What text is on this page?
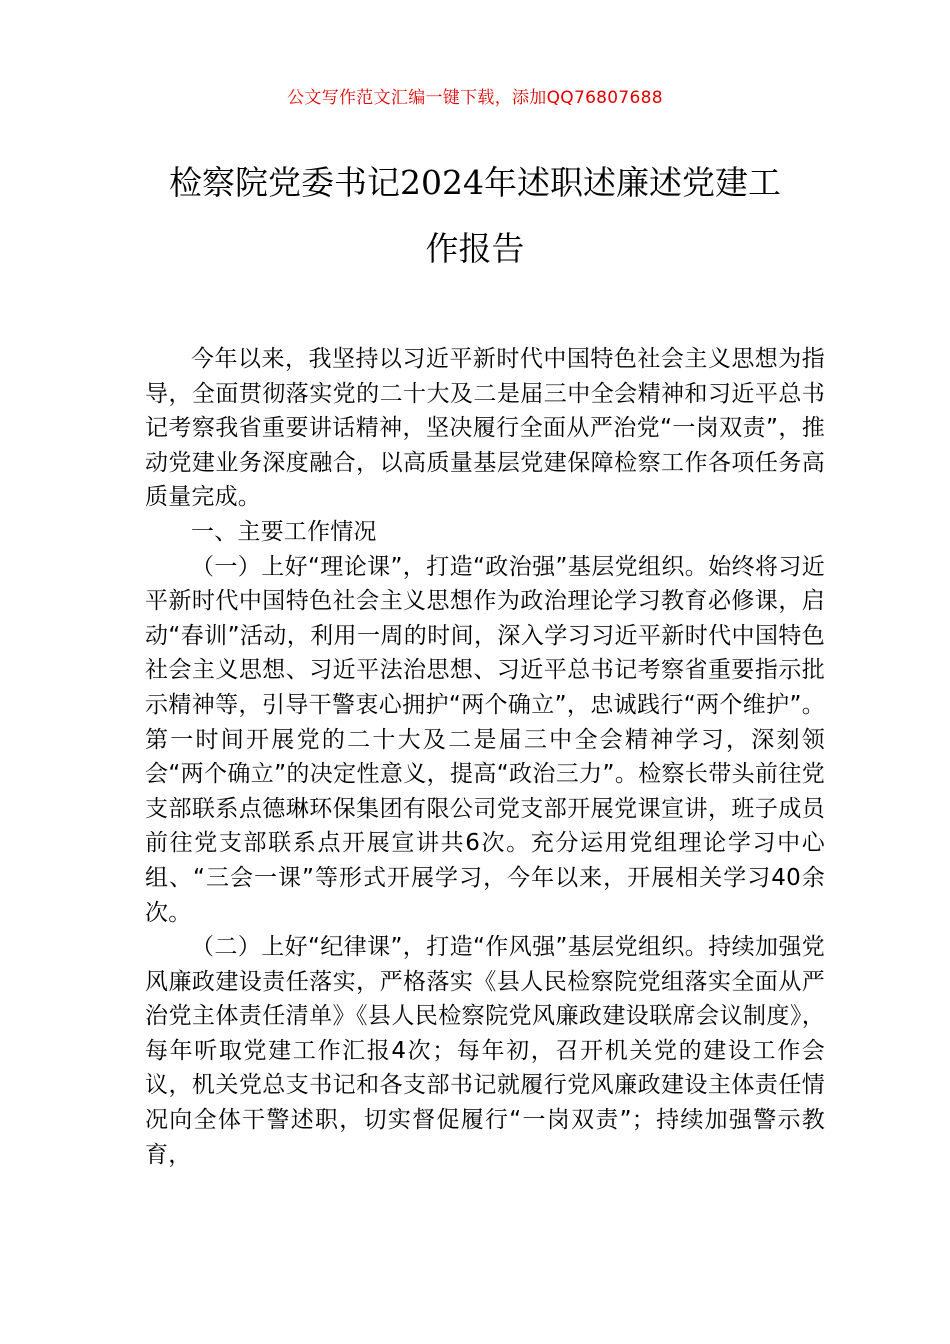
公文写作范文汇编一键下载，添加QQ76807688
检察院党委书记2024年述职述廉述党建工
作报告

今年以来，我坚持以习近平新时代中国特色社会主义思想为指导，全面贯彻落实党的二十大及二是届三中全会精神和习近平总书记考察我省重要讲话精神，坚决履行全面从严治党“一岗双责”，推动党建业务深度融合，以高质量基层党建保障检察工作各项任务高质量完成。

一、主要工作情况

（一）上好“理论课”，打造“政治强”基层党组织。始终将习近平新时代中国特色社会主义思想作为政治理论学习教育必修课，启动“春训”活动，利用一周的时间，深入学习习近平新时代中国特色社会主义思想、习近平法治思想、习近平总书记考察省重要指示批示精神等，引导干警衷心拥护“两个确立”，忠诚践行“两个维护”。第一时间开展党的二十大及二是届三中全会精神学习，深刻领会“两个确立”的决定性意义，提高“政治三力”。检察长带头前往党支部联系点德琳环保集团有限公司党支部开展党课宣讲，班子成员前往党支部联系点开展宣讲共6次。充分运用党组理论学习中心组、“三会一课”等形式开展学习，今年以来，开展相关学习40余次。

（二）上好“纪律课”，打造“作风强”基层党组织。持续加强党风廉政建设责任落实，严格落实《县人民检察院党组落实全面从严治党主体责任清单》《县人民检察院党风廉政建设联席会议制度》，每年听取党建工作汇报4次；每年初，召开机关党的建设工作会议，机关党总支书记和各支部书记就履行党风廉政建设主体责任情况向全体干警述职，切实督促履行“一岗双责”；持续加强警示教育，
